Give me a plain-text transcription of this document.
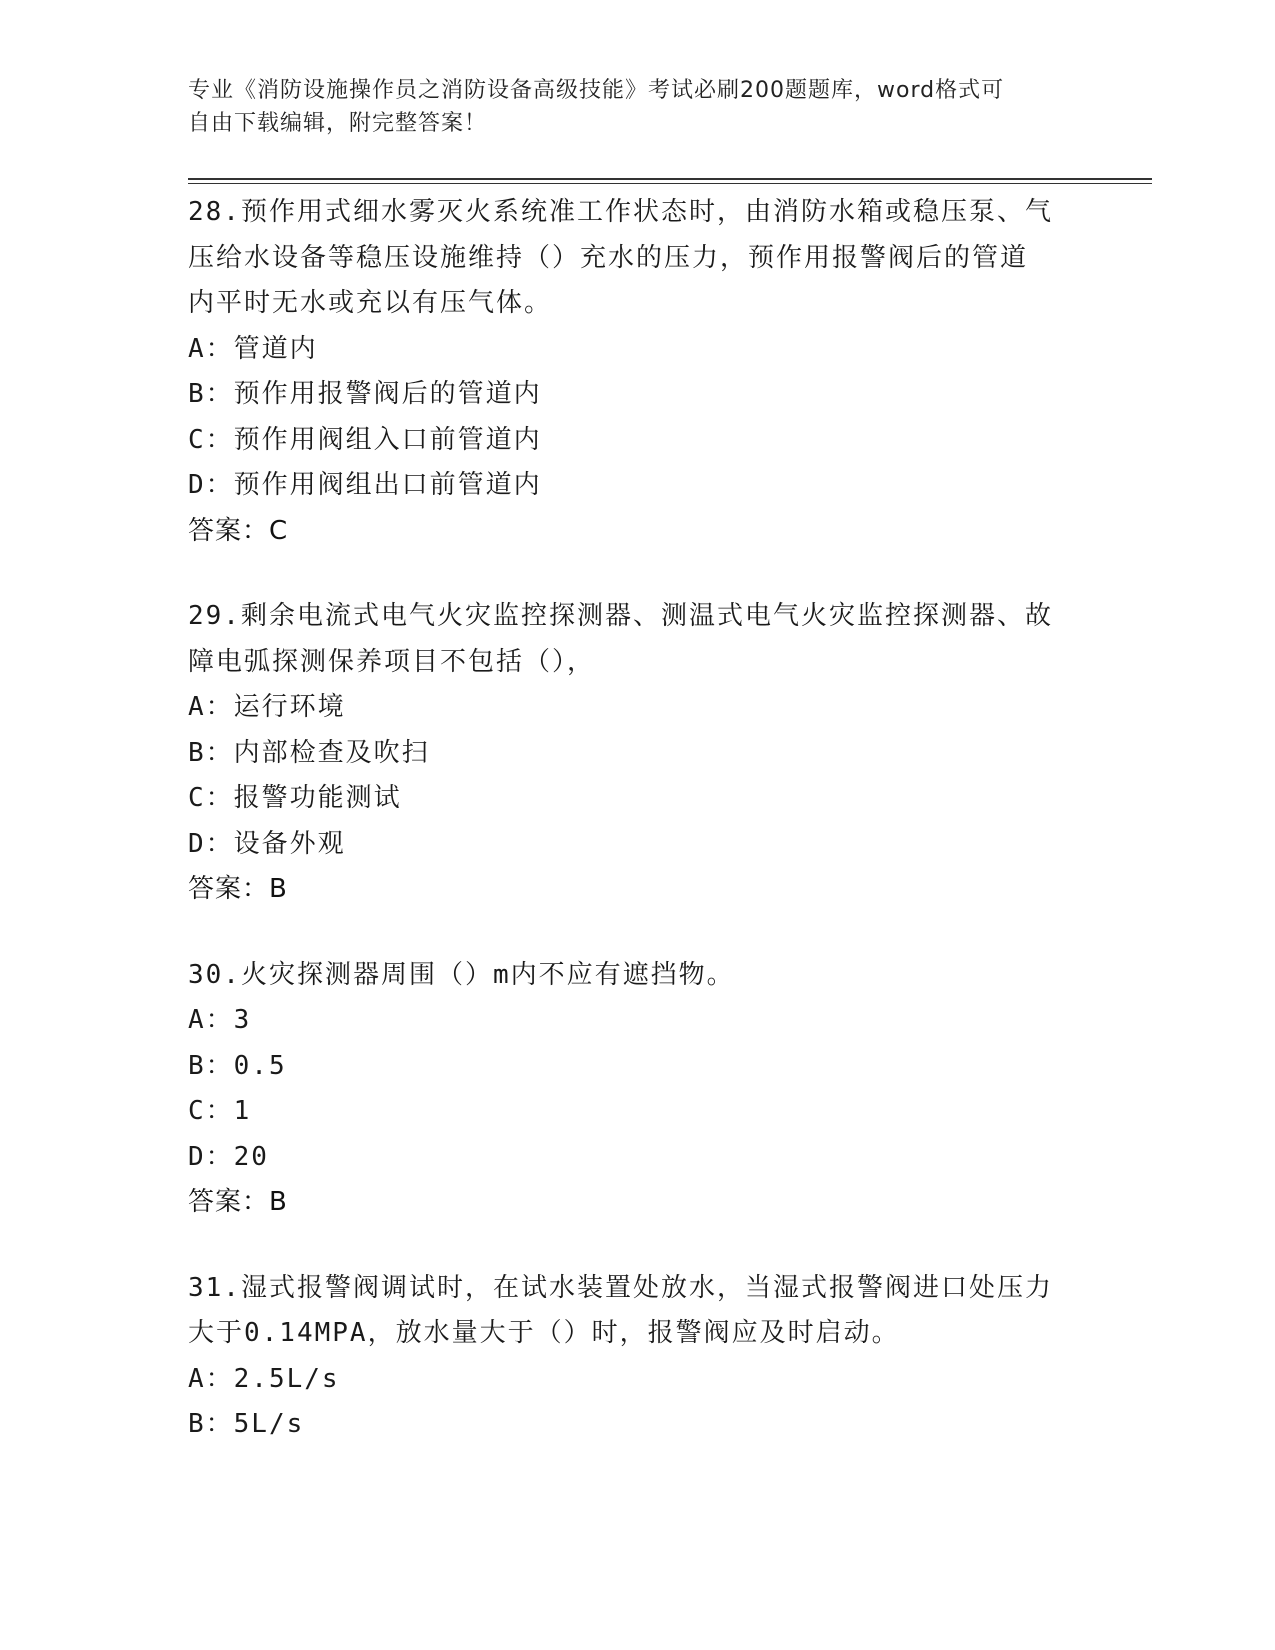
专业《消防设施操作员之消防设备高级技能》考试必刷200题题库，word格式可
自由下载编辑，附完整答案！

28.预作用式细水雾灭火系统准工作状态时，由消防水箱或稳压泵、气

压给水设备等稳压设施维持（）充水的压力，预作用报警阀后的管道

内平时无水或充以有压气体。

A：管道内

B：预作用报警阀后的管道内

C：预作用阀组入口前管道内

D：预作用阀组出口前管道内

答案：C

29.剩余电流式电气火灾监控探测器、测温式电气火灾监控探测器、故

障电弧探测保养项目不包括（），

A：运行环境

B：内部检查及吹扫

C：报警功能测试

D：设备外观

答案：B

30.火灾探测器周围（）m内不应有遮挡物。

A：3

B：0.5

C：1

D：20

答案：B

31.湿式报警阀调试时，在试水装置处放水，当湿式报警阀进口处压力

大于0.14MPA，放水量大于（）时，报警阀应及时启动。

A：2.5L/s

B：5L/s
